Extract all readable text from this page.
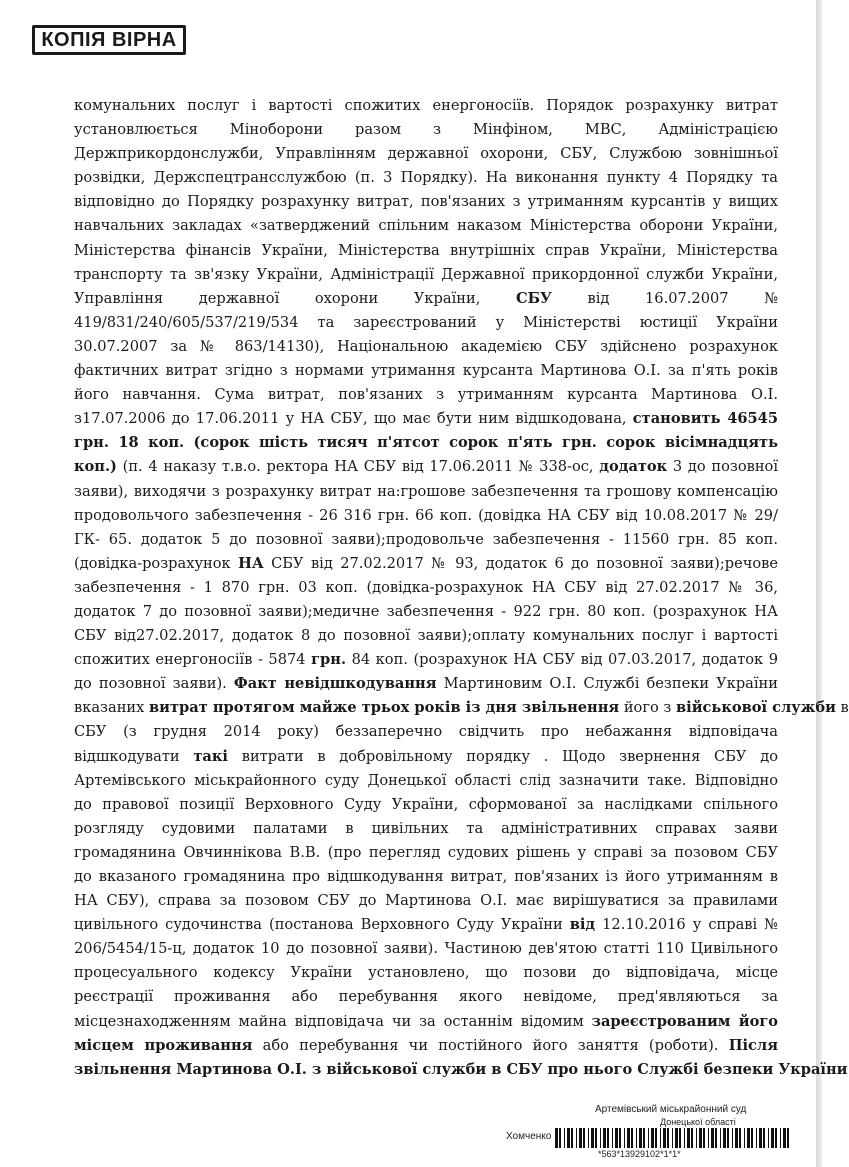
КОПІЯ ВІРНА
комунальних послуг і вартості спожитих енергоносіїв. Порядок розрахунку витрат
установлюється Міноборони разом з Мінфіном, МВС, Адміністрацією
Держприкордонслужби, Управлінням державної охорони, СБУ, Службою зовнішньої
розвідки, Держспецтрансслужбою (п. 3 Порядку). На виконання пункту 4 Порядку та
відповідно до Порядку розрахунку витрат, пов'язаних з утриманням курсантів у вищих
навчальних закладах «затверджений спільним наказом Міністерства оборони України,
Міністерства фінансів України, Міністерства внутрішніх справ України, Міністерства
транспорту та зв'язку України, Адміністрації Державної прикордонної служби України,
Управління державної охорони України, СБУ від 16.07.2007 №
419/831/240/605/537/219/534 та зареєстрований у Міністерстві юстиції України
30.07.2007 за № 863/14130), Національною академією СБУ здійснено розрахунок
фактичних витрат згідно з нормами утримання курсанта Мартинова О.І. за п'ять років
його навчання. Сума витрат, пов'язаних з утриманням курсанта Мартинова О.І.
з17.07.2006 до 17.06.2011 у НА СБУ, що має бути ним відшкодована, становить 46545
грн. 18 коп. (сорок шість тисяч п'ятсот сорок п'ять грн. сорок вісімнадцять
коп.) (п. 4 наказу т.в.о. ректора НА СБУ від 17.06.2011 № 338-ос, додаток 3 до позовної
заяви), виходячи з розрахунку витрат на:грошове забезпечення та грошову компенсацію
продовольчого забезпечення - 26 316 грн. 66 коп. (довідка НА СБУ від 10.08.2017 № 29/
ГК- 65. додаток 5 до позовної заяви);продовольче забезпечення - 11560 грн. 85 коп.
(довідка-розрахунок НА СБУ від 27.02.2017 № 93, додаток 6 до позовної заяви);речове
забезпечення - 1 870 грн. 03 коп. (довідка-розрахунок НА СБУ від 27.02.2017 № 36,
додаток 7 до позовної заяви);медичне забезпечення - 922 грн. 80 коп. (розрахунок НА
СБУ від27.02.2017, додаток 8 до позовної заяви);оплату комунальних послуг і вартості
спожитих енергоносіїв - 5874 грн. 84 коп. (розрахунок НА СБУ від 07.03.2017, додаток 9
до позовної заяви). Факт невідшкодування Мартиновим О.І. Службі безпеки України
вказаних витрат протягом майже трьох років із дня звільнення його з військової служби в
СБУ (з грудня 2014 року) беззаперечно свідчить про небажання відповідача
відшкодувати такі витрати в добровільному порядку . Щодо звернення СБУ до
Артемівського міськрайонного суду Донецької області слід зазначити таке. Відповідно
до правової позиції Верховного Суду України, сформованої за наслідками спільного
розгляду судовими палатами в цивільних та адміністративних справах заяви
громадянина Овчиннікова В.В. (про перегляд судових рішень у справі за позовом СБУ
до вказаного громадянина про відшкодування витрат, пов'язаних із його утриманням в
НА СБУ), справа за позовом СБУ до Мартинова О.І. має вирішуватися за правилами
цивільного судочинства (постанова Верховного Суду України від 12.10.2016 у справі №
206/5454/15-ц, додаток 10 до позовної заяви). Частиною дев'ятою статті 110 Цивільного
процесуального кодексу України установлено, що позови до відповідача, місце
реєстрації проживання або перебування якого невідоме, пред'являються за
місцезнаходженням майна відповідача чи за останнім відомим зареєстрованим його
місцем проживання або перебування чи постійного його заняття (роботи). Після
звільнення Мартинова О.І. з військової служби в СБУ про нього Службі безпеки України
Артемівський міськрайонний суд
Донецької області
Хомченко
*563*13929102*1*1*
